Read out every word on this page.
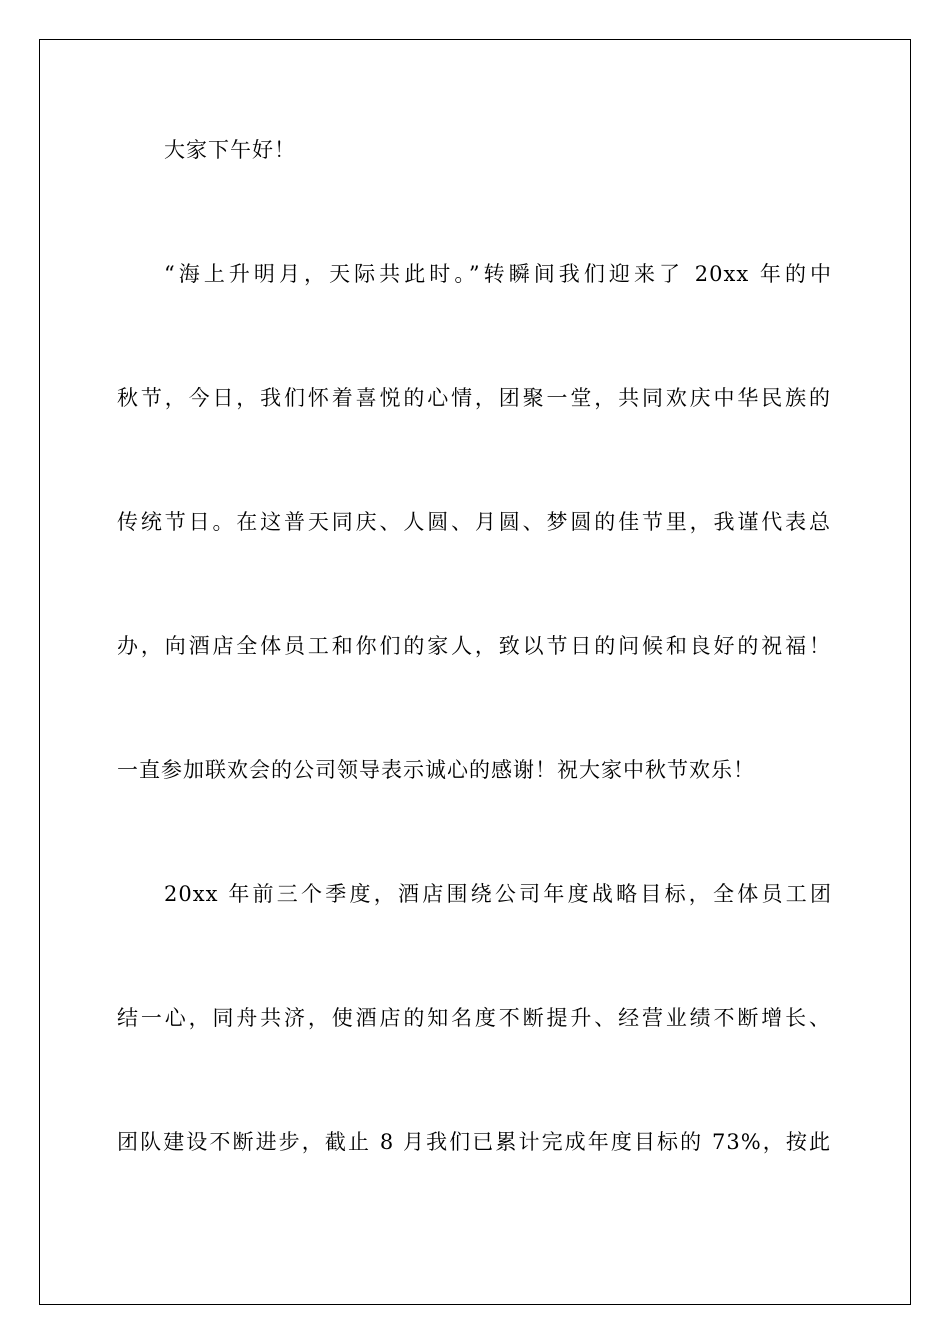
大家下午好！
“海上升明月，天际共此时。”转瞬间我们迎来了 20xx 年的中
秋节，今日，我们怀着喜悦的心情，团聚一堂，共同欢庆中华民族的
传统节日。在这普天同庆、人圆、月圆、梦圆的佳节里，我谨代表总
办，向酒店全体员工和你们的家人，致以节日的问候和良好的祝福！
一直参加联欢会的公司领导表示诚心的感谢！祝大家中秋节欢乐！
20xx 年前三个季度，酒店围绕公司年度战略目标，全体员工团
结一心，同舟共济，使酒店的知名度不断提升、经营业绩不断增长、
团队建设不断进步，截止 8 月我们已累计完成年度目标的 73%，按此
